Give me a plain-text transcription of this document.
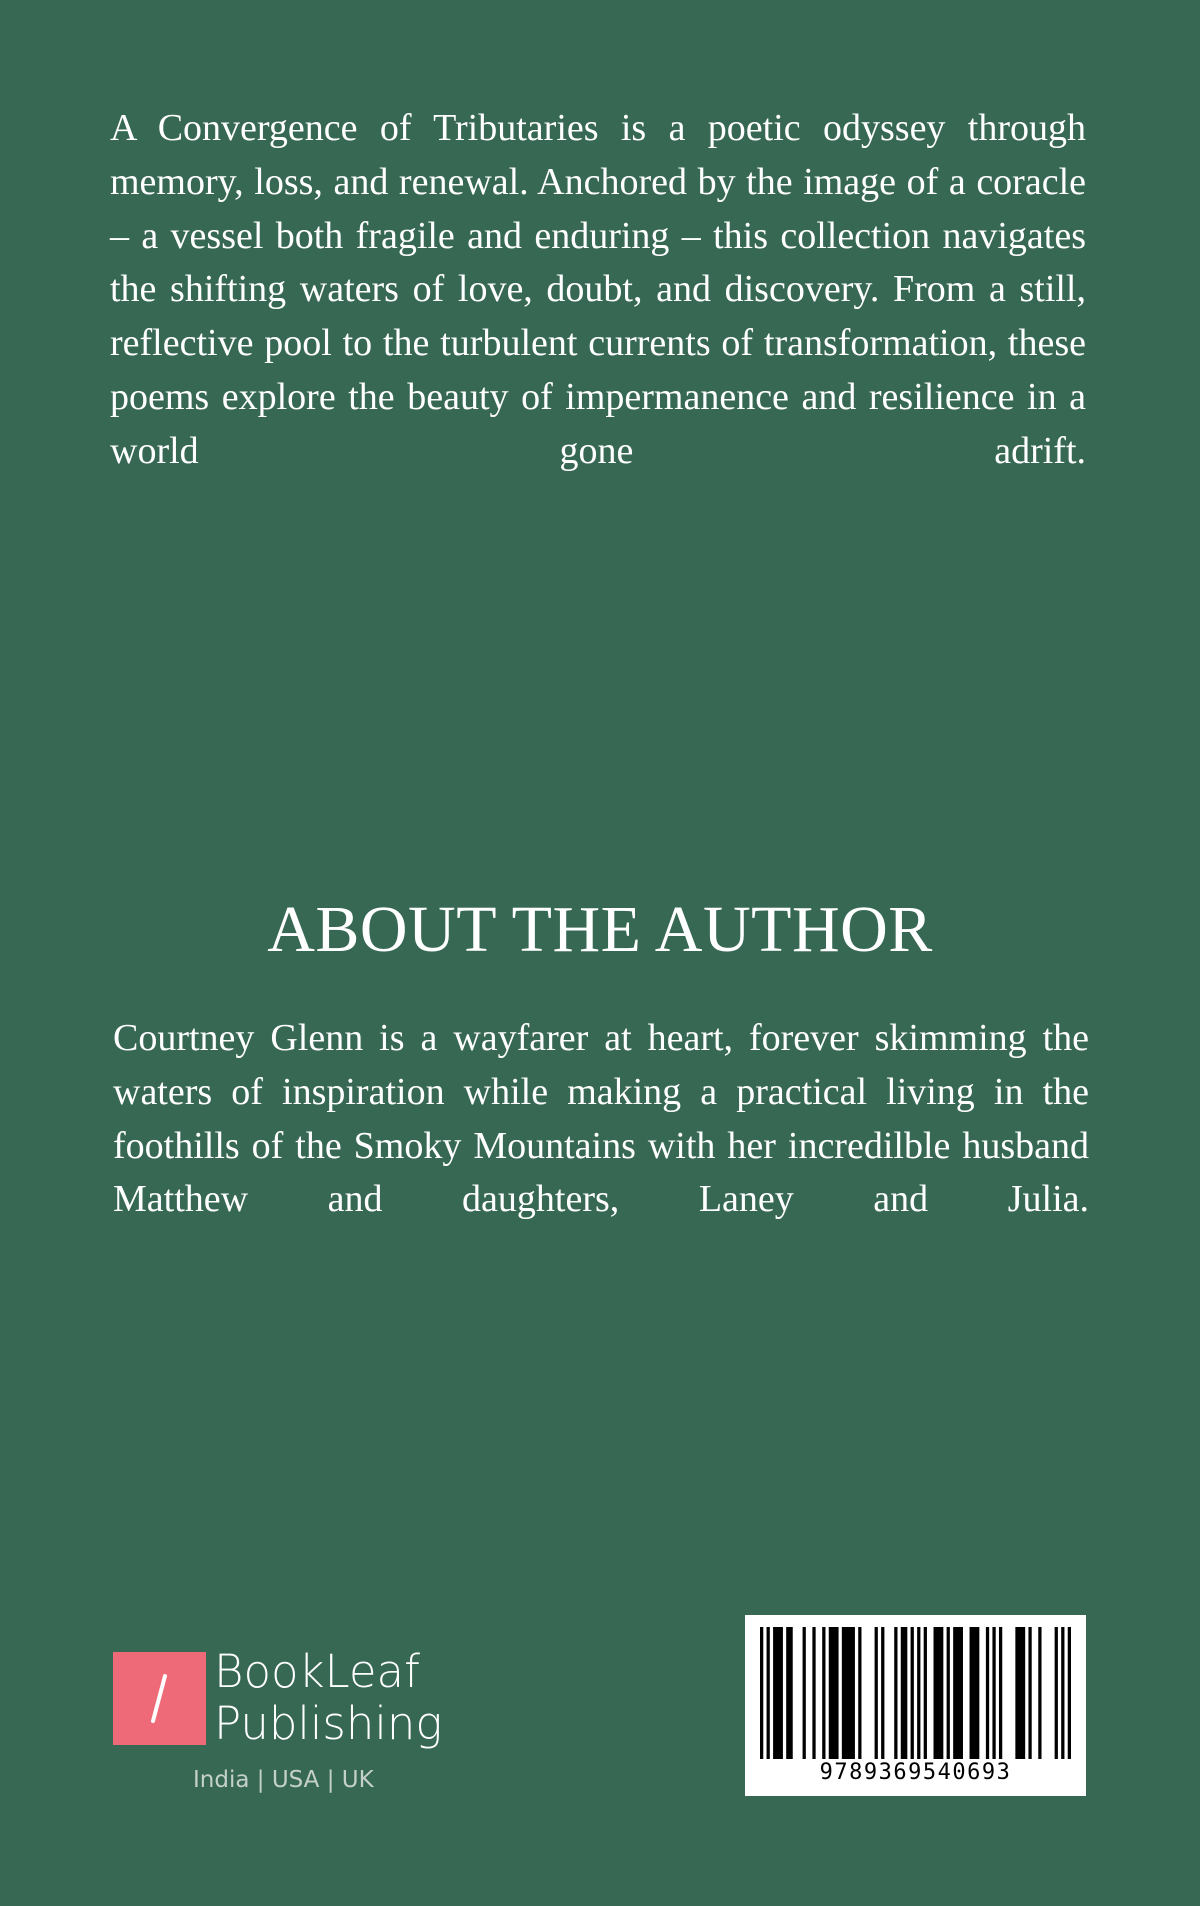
A Convergence of Tributaries is a poetic odyssey through memory, loss, and renewal. Anchored by the image of a coracle – a vessel both fragile and enduring – this collection navigates the shifting waters of love, doubt, and discovery. From a still, reflective pool to the turbulent currents of transformation, these poems explore the beauty of impermanence and resilience in a world gone adrift.

ABOUT THE AUTHOR

Courtney Glenn is a wayfarer at heart, forever skimming the waters of inspiration while making a practical living in the foothills of the Smoky Mountains with her incredilble husband Matthew and daughters, Laney and Julia.

BookLeaf
Publishing
India | USA | UK	9789369540693
